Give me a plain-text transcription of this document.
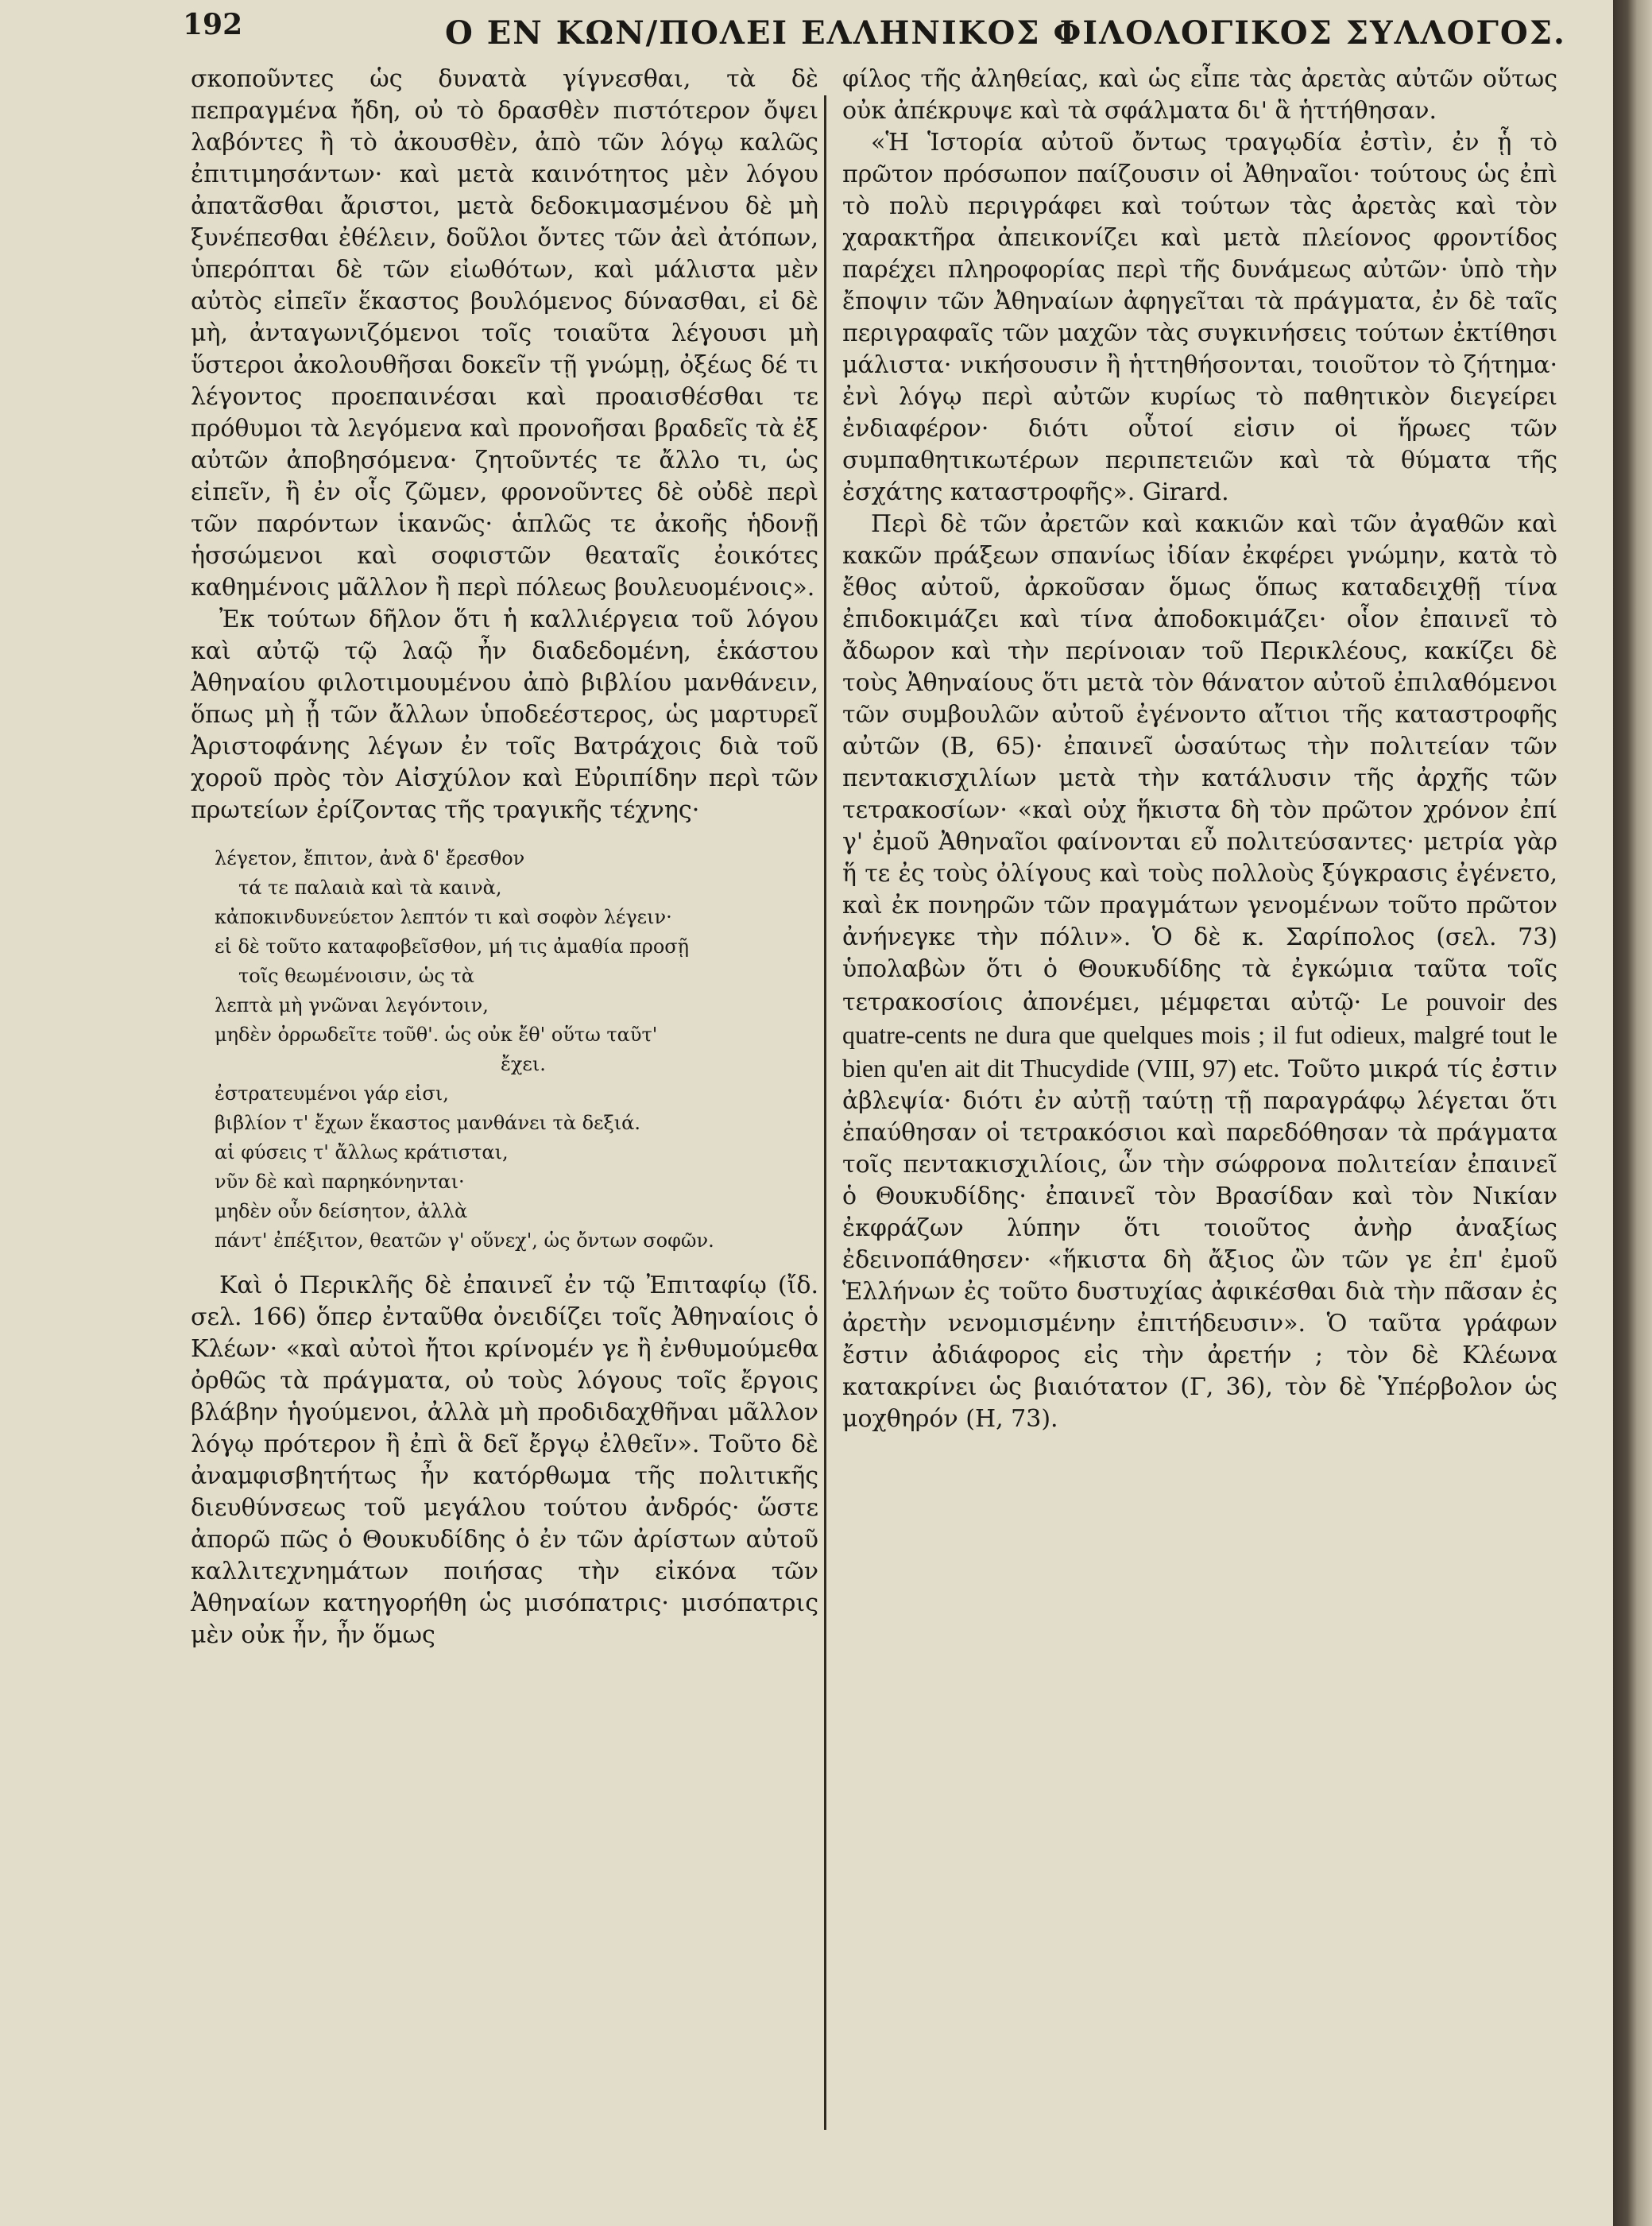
192	Ο ΕΝ ΚΩΝ/ΠΟΛΕΙ ΕΛΛΗΝΙΚΟΣ ΦΙΛΟΛΟΓΙΚΟΣ ΣΥΛΛΟΓΟΣ.

σκοποῦντες ὡς δυνατὰ γίγνεσθαι, τὰ δὲ πεπραγμένα ἤδη, οὐ τὸ δρασθὲν πιστότερον ὄψει λαβόντες ἢ τὸ ἀκουσθὲν, ἀπὸ τῶν λόγῳ καλῶς ἐπιτιμησάντων· καὶ μετὰ καινότητος μὲν λόγου ἀπατᾶσθαι ἄριστοι, μετὰ δεδοκιμασμένου δὲ μὴ ξυνέπεσθαι ἐθέλειν, δοῦλοι ὄντες τῶν ἀεὶ ἀτόπων, ὑπερόπται δὲ τῶν εἰωθότων, καὶ μάλιστα μὲν αὐτὸς εἰπεῖν ἕκαστος βουλόμενος δύνασθαι, εἰ δὲ μὴ, ἀνταγωνιζόμενοι τοῖς τοιαῦτα λέγουσι μὴ ὕστεροι ἀκολουθῆσαι δοκεῖν τῇ γνώμῃ, ὀξέως δέ τι λέγοντος προεπαινέσαι καὶ προαισθέσθαι τε πρόθυμοι τὰ λεγόμενα καὶ προνοῆσαι βραδεῖς τὰ ἐξ αὐτῶν ἀποβησόμενα· ζητοῦντές τε ἄλλο τι, ὡς εἰπεῖν, ἢ ἐν οἷς ζῶμεν, φρονοῦντες δὲ οὐδὲ περὶ τῶν παρόντων ἱκανῶς· ἁπλῶς τε ἀκοῆς ἡδονῇ ἡσσώμενοι καὶ σοφιστῶν θεαταῖς ἐοικότες καθημένοις μᾶλλον ἢ περὶ πόλεως βουλευομένοις».

Ἐκ τούτων δῆλον ὅτι ἡ καλλιέργεια τοῦ λόγου καὶ αὐτῷ τῷ λαῷ ἦν διαδεδομένη, ἑκάστου Ἀθηναίου φιλοτιμουμένου ἀπὸ βιβλίου μανθάνειν, ὅπως μὴ ᾖ τῶν ἄλλων ὑποδεέστερος, ὡς μαρτυρεῖ Ἀριστοφάνης λέγων ἐν τοῖς Βατράχοις διὰ τοῦ χοροῦ πρὸς τὸν Αἰσχύλον καὶ Εὐριπίδην περὶ τῶν πρωτείων ἐρίζοντας τῆς τραγικῆς τέχνης·

λέγετον, ἔπιτον, ἀνὰ δ' ἔρεσθον
τά τε παλαιὰ καὶ τὰ καινὰ,
κἀποκινδυνεύετον λεπτόν τι καὶ σοφὸν λέγειν·
εἰ δὲ τοῦτο καταφοβεῖσθον, μή τις ἀμαθία προσῇ
τοῖς θεωμένοισιν, ὡς τὰ
λεπτὰ μὴ γνῶναι λεγόντοιν,
μηδὲν ὀρρωδεῖτε τοῦθ'. ὡς οὐκ ἔθ' οὕτω ταῦτ'
ἔχει.
ἐστρατευμένοι γάρ εἰσι,
βιβλίον τ' ἔχων ἕκαστος μανθάνει τὰ δεξιά.
αἱ φύσεις τ' ἄλλως κράτισται,
νῦν δὲ καὶ παρηκόνηνται·
μηδὲν οὖν δείσητον, ἀλλὰ
πάντ' ἐπέξιτον, θεατῶν γ' οὕνεχ', ὡς ὄντων σοφῶν.

Καὶ ὁ Περικλῆς δὲ ἐπαινεῖ ἐν τῷ Ἐπιταφίῳ (ἴδ. σελ. 166) ὅπερ ἐνταῦθα ὀνειδίζει τοῖς Ἀθηναίοις ὁ Κλέων· «καὶ αὐτοὶ ἤτοι κρίνομέν γε ἢ ἐνθυμούμεθα ὀρθῶς τὰ πράγματα, οὐ τοὺς λόγους τοῖς ἔργοις βλάβην ἡγούμενοι, ἀλλὰ μὴ προδιδαχθῆναι μᾶλλον λόγῳ πρότερον ἢ ἐπὶ ἃ δεῖ ἔργῳ ἐλθεῖν». Τοῦτο δὲ ἀναμφισβητήτως ἦν κατόρθωμα τῆς πολιτικῆς διευθύνσεως τοῦ μεγάλου τούτου ἀνδρός· ὥστε ἀπορῶ πῶς ὁ Θουκυδίδης ὁ ἐν τῶν ἀρίστων αὐτοῦ καλλιτεχνημάτων ποιήσας τὴν εἰκόνα τῶν Ἀθηναίων κατηγορήθη ὡς μισόπατρις· μισόπατρις μὲν οὐκ ἦν, ἦν ὅμως

φίλος τῆς ἀληθείας, καὶ ὡς εἶπε τὰς ἀρετὰς αὐτῶν οὕτως οὐκ ἀπέκρυψε καὶ τὰ σφάλματα δι' ἃ ἡττήθησαν.

«Ἡ Ἱστορία αὐτοῦ ὄντως τραγῳδία ἐστὶν, ἐν ᾗ τὸ πρῶτον πρόσωπον παίζουσιν οἱ Ἀθηναῖοι· τούτους ὡς ἐπὶ τὸ πολὺ περιγράφει καὶ τούτων τὰς ἀρετὰς καὶ τὸν χαρακτῆρα ἀπεικονίζει καὶ μετὰ πλείονος φροντίδος παρέχει πληροφορίας περὶ τῆς δυνάμεως αὐτῶν· ὑπὸ τὴν ἔποψιν τῶν Ἀθηναίων ἀφηγεῖται τὰ πράγματα, ἐν δὲ ταῖς περιγραφαῖς τῶν μαχῶν τὰς συγκινήσεις τούτων ἐκτίθησι μάλιστα· νικήσουσιν ἢ ἡττηθήσονται, τοιοῦτον τὸ ζήτημα· ἐνὶ λόγῳ περὶ αὐτῶν κυρίως τὸ παθητικὸν διεγείρει ἐνδιαφέρον· διότι οὗτοί εἰσιν οἱ ἥρωες τῶν συμπαθητικωτέρων περιπετειῶν καὶ τὰ θύματα τῆς ἐσχάτης καταστροφῆς». Girard.

Περὶ δὲ τῶν ἀρετῶν καὶ κακιῶν καὶ τῶν ἀγαθῶν καὶ κακῶν πράξεων σπανίως ἰδίαν ἐκφέρει γνώμην, κατὰ τὸ ἔθος αὐτοῦ, ἀρκοῦσαν ὅμως ὅπως καταδειχθῇ τίνα ἐπιδοκιμάζει καὶ τίνα ἀποδοκιμάζει· οἷον ἐπαινεῖ τὸ ἄδωρον καὶ τὴν περίνοιαν τοῦ Περικλέους, κακίζει δὲ τοὺς Ἀθηναίους ὅτι μετὰ τὸν θάνατον αὐτοῦ ἐπιλαθόμενοι τῶν συμβουλῶν αὐτοῦ ἐγένοντο αἴτιοι τῆς καταστροφῆς αὐτῶν (Β, 65)· ἐπαινεῖ ὡσαύτως τὴν πολιτείαν τῶν πεντακισχιλίων μετὰ τὴν κατάλυσιν τῆς ἀρχῆς τῶν τετρακοσίων· «καὶ οὐχ ἥκιστα δὴ τὸν πρῶτον χρόνον ἐπί γ' ἐμοῦ Ἀθηναῖοι φαίνονται εὖ πολιτεύσαντες· μετρία γὰρ ἥ τε ἐς τοὺς ὀλίγους καὶ τοὺς πολλοὺς ξύγκρασις ἐγένετο, καὶ ἐκ πονηρῶν τῶν πραγμάτων γενομένων τοῦτο πρῶτον ἀνήνεγκε τὴν πόλιν». Ὁ δὲ κ. Σαρίπολος (σελ. 73) ὑπολαβὼν ὅτι ὁ Θουκυδίδης τὰ ἐγκώμια ταῦτα τοῖς τετρακοσίοις ἀπονέμει, μέμφεται αὐτῷ· Le pouvoir des quatre-cents ne dura que quelques mois ; il fut odieux, malgré tout le bien qu'en ait dit Thucydide (VIII, 97) etc. Τοῦτο μικρά τίς ἐστιν ἀβλεψία· διότι ἐν αὐτῇ ταύτῃ τῇ παραγράφῳ λέγεται ὅτι ἐπαύθησαν οἱ τετρακόσιοι καὶ παρεδόθησαν τὰ πράγματα τοῖς πεντακισχιλίοις, ὧν τὴν σώφρονα πολιτείαν ἐπαινεῖ ὁ Θουκυδίδης· ἐπαινεῖ τὸν Βρασίδαν καὶ τὸν Νικίαν ἐκφράζων λύπην ὅτι τοιοῦτος ἀνὴρ ἀναξίως ἐδεινοπάθησεν· «ἥκιστα δὴ ἄξιος ὢν τῶν γε ἐπ' ἐμοῦ Ἑλλήνων ἐς τοῦτο δυστυχίας ἀφικέσθαι διὰ τὴν πᾶσαν ἐς ἀρετὴν νενομισμένην ἐπιτήδευσιν». Ὁ ταῦτα γράφων ἔστιν ἀδιάφορος εἰς τὴν ἀρετήν ; τὸν δὲ Κλέωνα κατακρίνει ὡς βιαιότατον (Γ, 36), τὸν δὲ Ὑπέρβολον ὡς μοχθηρόν (Η, 73).
